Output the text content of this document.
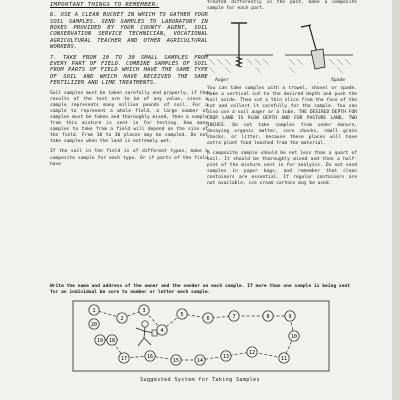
IMPORTANT THINGS TO REMEMBER:

6. USE A CLEAN BUCKET IN WHICH TO GATHER YOUR SOIL SAMPLES. SEND SAMPLES TO LABORATORY IN BOXES PROVIDED BY YOUR COUNTY AGENT, SOIL CONSERVATION SERVICE TECHNICIAN, VOCATIONAL AGRICULTURAL TEACHER AND OTHER AGRICULTURAL WORKERS.

7. TAKE FROM 10 TO 30 SMALL SAMPLES FROM EVERY PART OF FIELD. COMBINE SAMPLES OF SOIL FROM PARTS OF FIELD WHICH HAVE THE SAME TYPE OF SOIL AND WHICH HAVE RECEIVED THE SAME FERTILIZER AND LIME TREATMENTS.

Soil samples must be taken carefully and properly, if the results of the test are to be of any value, since a sample represents many million pounds of soil. For a sample to represent a whole field, a large number of samples must be taken and thoroughly mixed, then a sample from this mixture is sent in for testing. How many samples to take from a field will depend on the size of the field. From 10 to 30 places may be sampled. Do not take samples when the land is extremely wet.

If the soil in the field is of different types, make a composite sample for each type. Or if parts of the field have

treated differently in the past, make a composite sample for each part.

Auger	Spade

You can take samples with a trowel, shovel or spade. Make a vertical cut to the desired depth and push the soil aside. Then cut a thin slice from the face of the cut and collect it carefully for the sample. You can also use a soil auger or a tube. THE DESIRED DEPTH FOR CROP LAND IS PLOW DEPTH AND FOR PASTURE LAND, TWO INCHES. Do not take samples from under manure, decaying organic matter, corn shocks, small grain shocks, or litter, because these places will have extra plant food leached from the material.

A composite sample should be not less than a quart of soil. It should be thoroughly mixed and then a half-pint of the mixture sent in for analysis. Do not send samples in paper bags, and remember that clean containers are essential. If regular containers are not available, ice cream cartons may be used.

Write the name and address of the owner and the sender on each sample. If more than one sample is being sent for an individual be sure to number or letter each sample.
1
2
3
4
5
6	7	8	9
10
11
12
13
14
15
16
17
18
19
20
Suggested System for Taking Samples
